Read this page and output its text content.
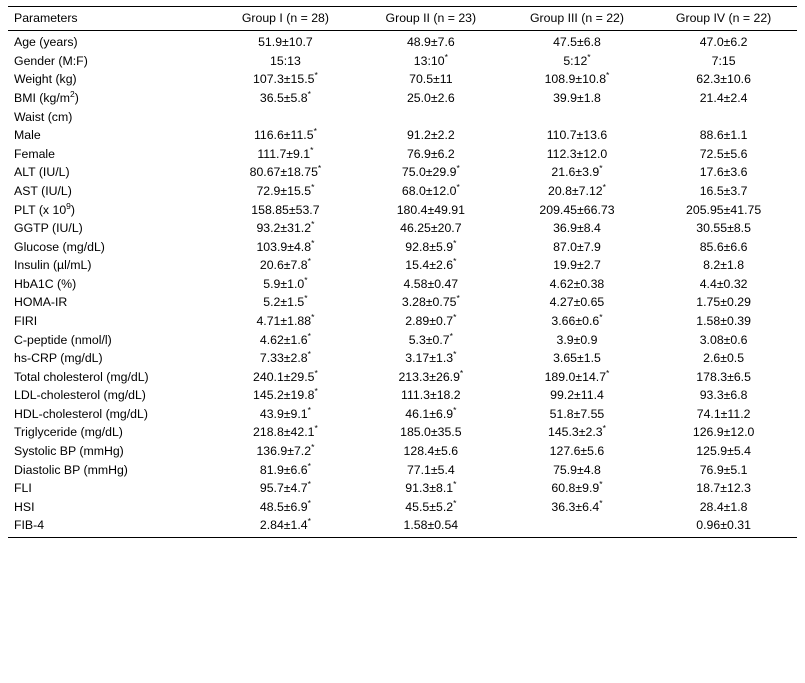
Parameters	Group I (n = 28)	Group II (n = 23)	Group III (n = 22)	Group IV (n = 22)
Age (years)	51.9±10.7	48.9±7.6	47.5±6.8	47.0±6.2
Gender (M:F)	15:13	13:10*	5:12*	7:15
Weight (kg)	107.3±15.5*	70.5±11	108.9±10.8*	62.3±10.6
BMI $(kg/m^2)$	36.5±5.8*	25.0±2.6	39.9±1.8	21.4±2.4
Waist (cm)				
Male	116.6±11.5*	91.2±2.2	110.7±13.6	88.6±1.1
Female	111.7±9.1*	76.9±6.2	112.3±12.0	72.5±5.6
ALT (IU/L)	80.67±18.75*	75.0±29.9*	21.6±3.9*	17.6±3.6
AST (IU/L)	72.9±15.5*	68.0±12.0*	20.8±7.12*	16.5±3.7
PLT (x $10^9$)	158.85±53.7	180.4±49.91	209.45±66.73	205.95±41.75
GGTP (IU/L)	93.2±31.2*	46.25±20.7	36.9±8.4	30.55±8.5
Glucose (mg/dL)	103.9±4.8*	92.8±5.9*	87.0±7.9	85.6±6.6
Insulin (µl/mL)	20.6±7.8*	15.4±2.6*	19.9±2.7	8.2±1.8
HbA1C (%)	5.9±1.0*	4.58±0.47	4.62±0.38	4.4±0.32
HOMA-IR	5.2±1.5*	3.28±0.75*	4.27±0.65	1.75±0.29
FIRI	4.71±1.88*	2.89±0.7*	3.66±0.6*	1.58±0.39
C-peptide (nmol/l)	4.62±1.6*	5.3±0.7*	3.9±0.9	3.08±0.6
hs-CRP (mg/dL)	7.33±2.8*	3.17±1.3*	3.65±1.5	2.6±0.5
Total cholesterol (mg/dL)	240.1±29.5*	213.3±26.9*	189.0±14.7*	178.3±6.5
LDL-cholesterol (mg/dL)	145.2±19.8*	111.3±18.2	99.2±11.4	93.3±6.8
HDL-cholesterol (mg/dL)	43.9±9.1*	46.1±6.9*	51.8±7.55	74.1±11.2
Triglyceride (mg/dL)	218.8±42.1*	185.0±35.5	145.3±2.3*	126.9±12.0
Systolic BP (mmHg)	136.9±7.2*	128.4±5.6	127.6±5.6	125.9±5.4
Diastolic BP (mmHg)	81.9±6.6*	77.1±5.4	75.9±4.8	76.9±5.1
FLI	95.7±4.7*	91.3±8.1*	60.8±9.9*	18.7±12.3
HSI	48.5±6.9*	45.5±5.2*	36.3±6.4*	28.4±1.8
FIB-4	2.84±1.4*	1.58±0.54		0.96±0.31
